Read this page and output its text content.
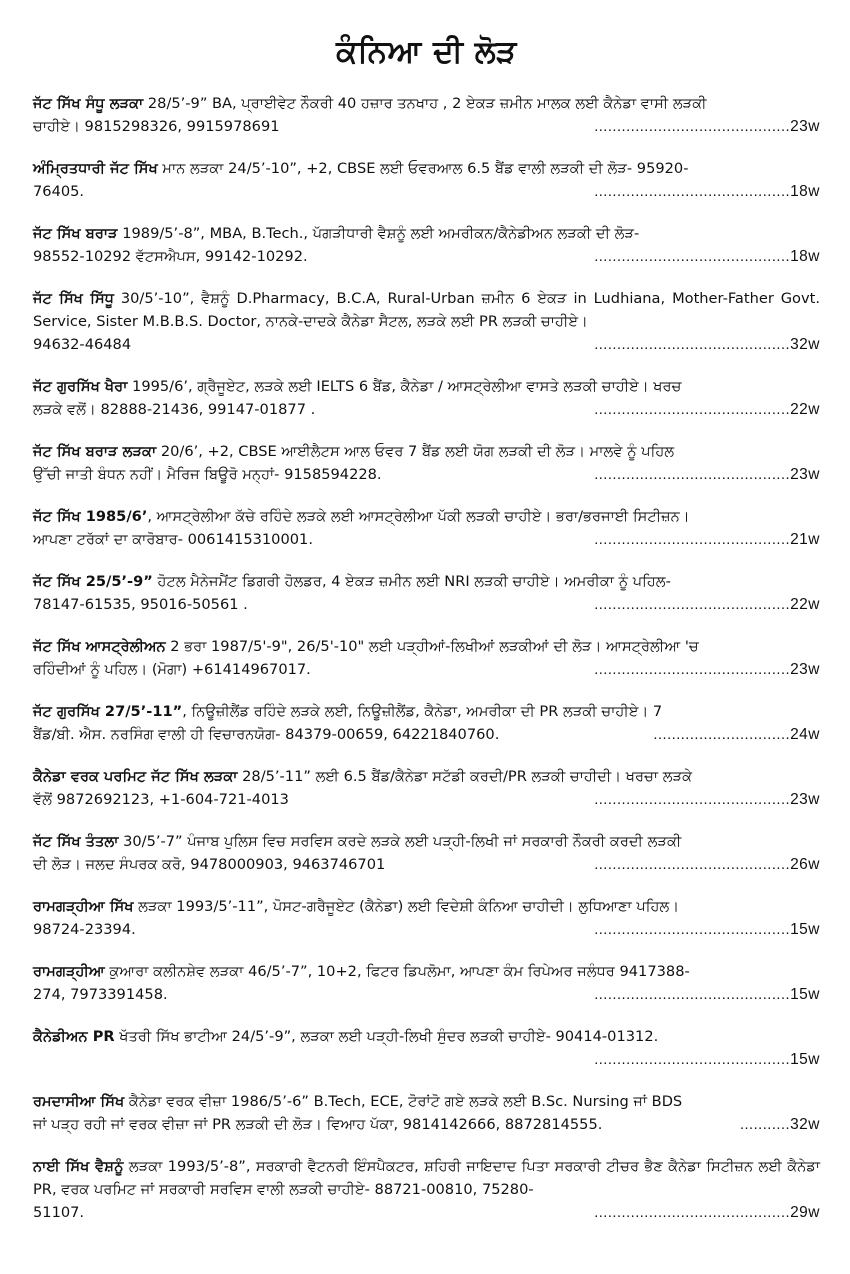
ਕੰਨਿਆ ਦੀ ਲੋੜ
ਜੱਟ ਸਿੱਖ ਸੰਧੂ ਲੜਕਾ 28/5’-9” BA, ਪ੍ਰਾਈਵੇਟ ਨੌਕਰੀ 40 ਹਜ਼ਾਰ ਤਨਖਾਹ , 2 ਏਕੜ ਜ਼ਮੀਨ ਮਾਲਕ ਲਈ ਕੈਨੇਡਾ ਵਾਸੀ ਲੜਕੀ
ਚਾਹੀਏ। 9815298326, 9915978691	...........................................23w
ਅੰਮ੍ਰਿਤਧਾਰੀ ਜੱਟ ਸਿੱਖ ਮਾਨ ਲੜਕਾ 24/5’-10”, +2, CBSE ਲਈ ਓਵਰਆਲ 6.5 ਬੈਂਡ ਵਾਲੀ ਲੜਕੀ ਦੀ ਲੋੜ- 95920-
76405.	...........................................18w
ਜੱਟ ਸਿੱਖ ਬਰਾੜ 1989/5’-8”, MBA, B.Tech., ਪੱਗੜੀਧਾਰੀ ਵੈਸ਼ਨੂੰ ਲਈ ਅਮਰੀਕਨ/ਕੈਨੇਡੀਅਨ ਲੜਕੀ ਦੀ ਲੋੜ-
98552-10292 ਵੱਟਸਐਪਸ, 99142-10292.	...........................................18w
ਜੱਟ ਸਿੱਖ ਸਿੱਧੂ 30/5’-10”, ਵੈਸ਼ਨੂੰ D.Pharmacy, B.C.A, Rural-Urban ਜ਼ਮੀਨ 6 ਏਕੜ in Ludhiana, Mother-Father Govt. Service, Sister M.B.B.S. Doctor, ਨਾਨਕੇ-ਦਾਦਕੇ ਕੈਨੇਡਾ ਸੈਟਲ, ਲੜਕੇ ਲਈ PR ਲੜਕੀ ਚਾਹੀਏ।
94632-46484	...........................................32w
ਜੱਟ ਗੁਰਸਿੱਖ ਖੈਰਾ 1995/6’, ਗ੍ਰੈਜੂਏਟ, ਲੜਕੇ ਲਈ IELTS 6 ਬੈਂਡ, ਕੈਨੇਡਾ / ਆਸਟ੍ਰੇਲੀਆ ਵਾਸਤੇ ਲੜਕੀ ਚਾਹੀਏ। ਖਰਚ
ਲੜਕੇ ਵਲੋਂ। 82888-21436, 99147-01877 .	...........................................22w
ਜੱਟ ਸਿੱਖ ਬਰਾੜ ਲੜਕਾ 20/6’, +2, CBSE ਆਈਲੈਟਸ ਆਲ ਓਵਰ 7 ਬੈਂਡ ਲਈ ਯੋਗ ਲੜਕੀ ਦੀ ਲੋੜ। ਮਾਲਵੇ ਨੂੰ ਪਹਿਲ
ਉੱਚੀ ਜਾਤੀ ਬੰਧਨ ਨਹੀਂ। ਮੈਰਿਜ ਬਿਊਰੋ ਮਨ੍ਹਾਂ- 9158594228.	...........................................23w
ਜੱਟ ਸਿੱਖ 1985/6’, ਆਸਟ੍ਰੇਲੀਆ ਕੱਚੇ ਰਹਿੰਦੇ ਲੜਕੇ ਲਈ ਆਸਟ੍ਰੇਲੀਆ ਪੱਕੀ ਲੜਕੀ ਚਾਹੀਏ। ਭਰਾ/ਭਰਜਾਈ ਸਿਟੀਜ਼ਨ।
ਆਪਣਾ ਟਰੱਕਾਂ ਦਾ ਕਾਰੋਬਾਰ- 0061415310001.	...........................................21w
ਜੱਟ ਸਿੱਖ 25/5’-9” ਹੋਟਲ ਮੈਨੇਜਮੈਂਟ ਡਿਗਰੀ ਹੋਲਡਰ, 4 ਏਕੜ ਜ਼ਮੀਨ ਲਈ NRI ਲੜਕੀ ਚਾਹੀਏ। ਅਮਰੀਕਾ ਨੂੰ ਪਹਿਲ-
78147-61535, 95016-50561 .	...........................................22w
ਜੱਟ ਸਿੱਖ ਆਸਟ੍ਰੇਲੀਅਨ 2 ਭਰਾ 1987/5'-9", 26/5'-10" ਲਈ ਪੜ੍ਹੀਆਂ-ਲਿਖੀਆਂ ਲੜਕੀਆਂ ਦੀ ਲੋੜ। ਆਸਟ੍ਰੇਲੀਆ 'ਚ
ਰਹਿੰਦੀਆਂ ਨੂੰ ਪਹਿਲ। (ਮੋਗਾ) +61414967017.	...........................................23w
ਜੱਟ ਗੁਰਸਿੱਖ 27/5’-11”, ਨਿਊਜ਼ੀਲੈਂਡ ਰਹਿੰਦੇ ਲੜਕੇ ਲਈ, ਨਿਊਜ਼ੀਲੈਂਡ, ਕੈਨੇਡਾ, ਅਮਰੀਕਾ ਦੀ PR ਲੜਕੀ ਚਾਹੀਏ। 7
ਬੈਂਡ/ਬੀ. ਐਸ. ਨਰਸਿੰਗ ਵਾਲੀ ਹੀ ਵਿਚਾਰਨਯੋਗ- 84379-00659, 64221840760.	..............................24w
ਕੈਨੇਡਾ ਵਰਕ ਪਰਮਿਟ ਜੱਟ ਸਿੱਖ ਲੜਕਾ 28/5’-11” ਲਈ 6.5 ਬੈਂਡ/ਕੈਨੇਡਾ ਸਟੱਡੀ ਕਰਦੀ/PR ਲੜਕੀ ਚਾਹੀਦੀ। ਖਰਚਾ ਲੜਕੇ
ਵੱਲੋਂ 9872692123, +1-604-721-4013	...........................................23w
ਜੱਟ ਸਿੱਖ ਤੰਤਲਾ 30/5’-7” ਪੰਜਾਬ ਪੁਲਿਸ ਵਿਚ ਸਰਵਿਸ ਕਰਦੇ ਲੜਕੇ ਲਈ ਪੜ੍ਹੀ-ਲਿਖੀ ਜਾਂ ਸਰਕਾਰੀ ਨੌਕਰੀ ਕਰਦੀ ਲੜਕੀ
ਦੀ ਲੋੜ। ਜਲਦ ਸੰਪਰਕ ਕਰੋ, 9478000903, 9463746701	...........................................26w
ਰਾਮਗੜ੍ਹੀਆ ਸਿੱਖ ਲੜਕਾ 1993/5’-11”, ਪੋਸਟ-ਗਰੈਜੂਏਟ (ਕੈਨੇਡਾ) ਲਈ ਵਿਦੇਸ਼ੀ ਕੰਨਿਆ ਚਾਹੀਦੀ। ਲੁਧਿਆਣਾ ਪਹਿਲ।
98724-23394.	...........................................15w
ਰਾਮਗੜ੍ਹੀਆ ਕੁਆਰਾ ਕਲੀਨਸ਼ੇਵ ਲੜਕਾ 46/5’-7”, 10+2, ਫਿਟਰ ਡਿਪਲੋਮਾ, ਆਪਣਾ ਕੰਮ ਰਿਪੇਅਰ ਜਲੰਧਰ 9417388-
274, 7973391458.	...........................................15w
ਕੈਨੇਡੀਅਨ PR ਖੱਤਰੀ ਸਿੱਖ ਭਾਟੀਆ 24/5’-9”, ਲੜਕਾ ਲਈ ਪੜ੍ਹੀ-ਲਿਖੀ ਸੁੰਦਰ ਲੜਕੀ ਚਾਹੀਏ- 90414-01312.
...........................................15w
ਰਮਦਾਸੀਆ ਸਿੱਖ ਕੈਨੇਡਾ ਵਰਕ ਵੀਜ਼ਾ 1986/5’-6” B.Tech, ECE, ਟੋਰਾਂਟੋ ਗਏ ਲੜਕੇ ਲਈ B.Sc. Nursing ਜਾਂ BDS
ਜਾਂ ਪੜ੍ਹ ਰਹੀ ਜਾਂ ਵਰਕ ਵੀਜ਼ਾ ਜਾਂ PR ਲੜਕੀ ਦੀ ਲੋੜ। ਵਿਆਹ ਪੱਕਾ, 9814142666, 8872814555.	...........32w
ਨਾਈ ਸਿੱਖ ਵੈਸ਼ਨੂੰ ਲੜਕਾ 1993/5’-8”, ਸਰਕਾਰੀ ਵੈਟਨਰੀ ਇੰਸਪੈਕਟਰ, ਸ਼ਹਿਰੀ ਜਾਇਦਾਦ ਪਿਤਾ ਸਰਕਾਰੀ ਟੀਚਰ ਭੈਣ ਕੈਨੇਡਾ ਸਿਟੀਜ਼ਨ ਲਈ ਕੈਨੇਡਾ PR, ਵਰਕ ਪਰਮਿਟ ਜਾਂ ਸਰਕਾਰੀ ਸਰਵਿਸ ਵਾਲੀ ਲੜਕੀ ਚਾਹੀਏ- 88721-00810, 75280-
51107.	...........................................29w
